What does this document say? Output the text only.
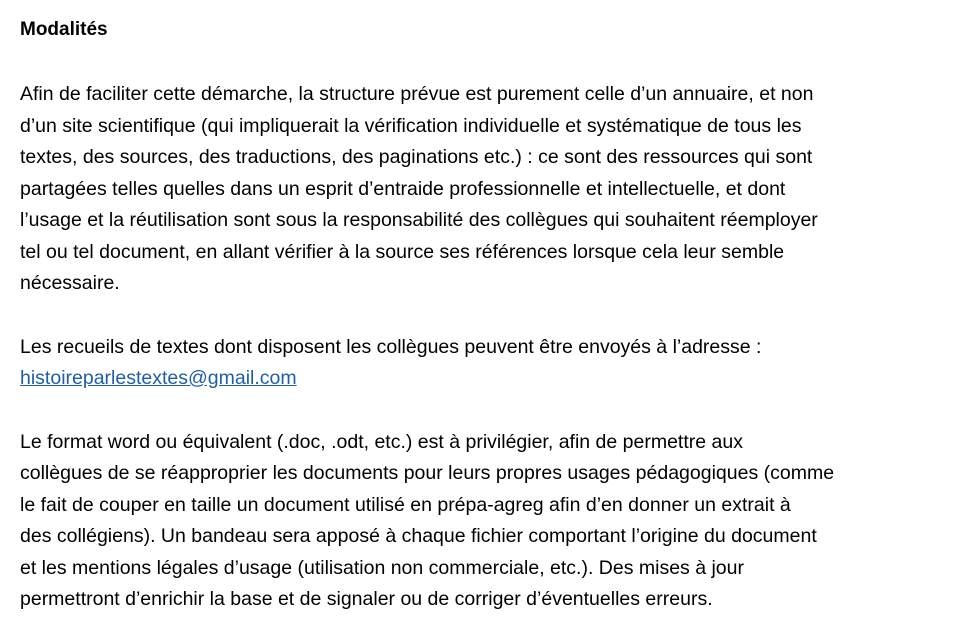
Modalités

Afin de faciliter cette démarche, la structure prévue est purement celle d’un annuaire, et non
d’un site scientifique (qui impliquerait la vérification individuelle et systématique de tous les
textes, des sources, des traductions, des paginations etc.) : ce sont des ressources qui sont
partagées telles quelles dans un esprit d’entraide professionnelle et intellectuelle, et dont
l’usage et la réutilisation sont sous la responsabilité des collègues qui souhaitent réemployer
tel ou tel document, en allant vérifier à la source ses références lorsque cela leur semble
nécessaire.

Les recueils de textes dont disposent les collègues peuvent être envoyés à l’adresse :
histoireparlestextes@gmail.com

Le format word ou équivalent (.doc, .odt, etc.) est à privilégier, afin de permettre aux
collègues de se réapproprier les documents pour leurs propres usages pédagogiques (comme
le fait de couper en taille un document utilisé en prépa-agreg afin d’en donner un extrait à
des collégiens). Un bandeau sera apposé à chaque fichier comportant l’origine du document
et les mentions légales d’usage (utilisation non commerciale, etc.). Des mises à jour
permettront d’enrichir la base et de signaler ou de corriger d’éventuelles erreurs.
